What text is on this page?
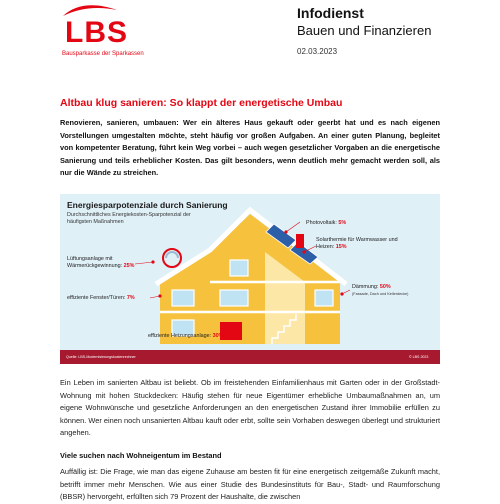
LBS
Bausparkasse der Sparkassen
Infodienst
Bauen und Finanzieren
02.03.2023
Altbau klug sanieren: So klappt der energetische Umbau
Renovieren, sanieren, umbauen: Wer ein älteres Haus gekauft oder geerbt hat und es nach eigenen Vorstellungen umgestalten möchte, steht häufig vor großen Aufgaben. An einer guten Planung, begleitet von kompetenter Beratung, führt kein Weg vorbei – auch wegen gesetzlicher Vorgaben an die energetische Sanierung und teils erheblicher Kosten. Das gilt besonders, wenn deutlich mehr gemacht werden soll, als nur die Wände zu streichen.
Energiesparpotenziale durch Sanierung
Durchschnittliches Energiekosten-Sparpotenzial der häufigsten Maßnahmen
Lüftungsanlage mit Wärmerückgewinnung: 25%
effiziente Fenster/Türen: 7%
effiziente Heizungsanlage: 30%
Photovoltaik: 5%
Solarthermie für Warmwasser und Heizen: 15%
Dämmung: 50%
(Fassade, Dach und Kellerdecke)
Quelle: LBS-Modernisierungskostenrechner	© LBS 2023
Ein Leben im sanierten Altbau ist beliebt. Ob im freistehenden Einfamilienhaus mit Garten oder in der Großstadt-Wohnung mit hohen Stuckdecken: Häufig stehen für neue Eigentümer erhebliche Umbaumaßnahmen an, um eigene Wohnwünsche und gesetzliche Anforderungen an den energetischen Zustand ihrer Immobilie erfüllen zu können. Wer einen noch unsanierten Altbau kauft oder erbt, sollte sein Vorhaben deswegen überlegt und strukturiert angehen.
Viele suchen nach Wohneigentum im Bestand
Auffällig ist: Die Frage, wie man das eigene Zuhause am besten fit für eine energetisch zeitgemäße Zukunft macht, betrifft immer mehr Menschen. Wie aus einer Studie des Bundesinstituts für Bau-, Stadt- und Raumforschung (BBSR) hervorgeht, erfüllten sich 79 Prozent der Haushalte, die zwischen
